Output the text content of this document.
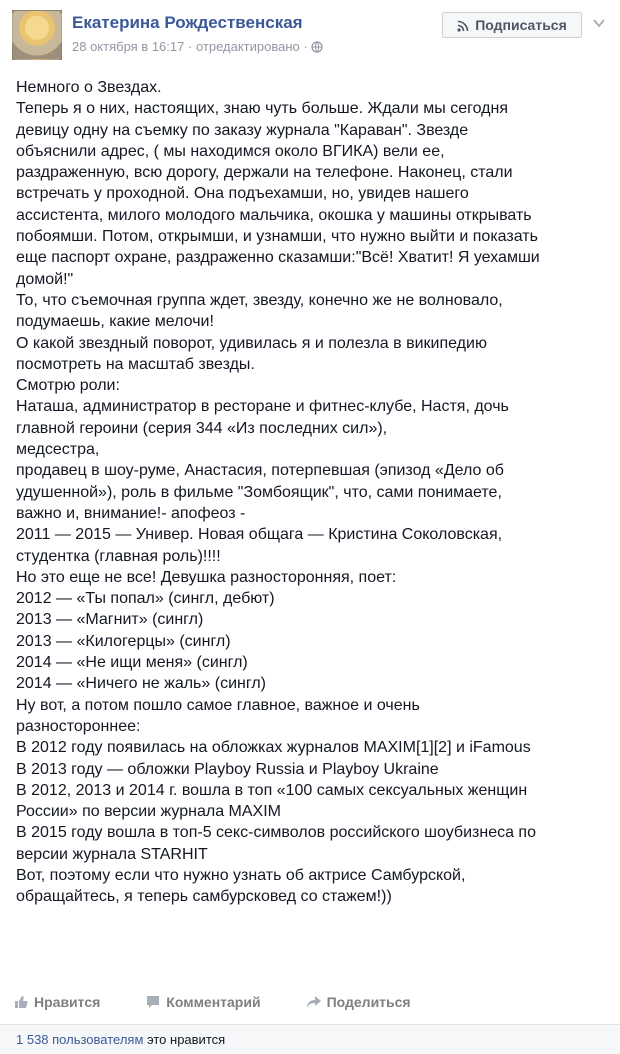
Екатерина Рождественская
28 октября в 16:17 · отредактировано ·
Подписаться
Немного о Звездах.
Теперь я о них, настоящих, знаю чуть больше. Ждали мы сегодня
девицу одну на съемку по заказу журнала "Караван". Звезде
объяснили адрес, ( мы находимся около ВГИКА) вели ее,
раздраженную, всю дорогу, держали на телефоне. Наконец, стали
встречать у проходной. Она подъехамши, но, увидев нашего
ассистента, милого молодого мальчика, окошка у машины открывать
побоямши. Потом, открымши, и узнамши, что нужно выйти и показать
еще паспорт охране, раздраженно сказамши:"Всё! Хватит! Я уехамши
домой!"
То, что съемочная группа ждет, звезду, конечно же не волновало,
подумаешь, какие мелочи!
О какой звездный поворот, удивилась я и полезла в википедию
посмотреть на масштаб звезды.
Смотрю роли:
Наташа, администратор в ресторане и фитнес-клубе, Настя, дочь
главной героини (серия 344 «Из последних сил»),
медсестра,
продавец в шоу-руме, Анастасия, потерпевшая (эпизод «Дело об
удушенной»), роль в фильме "Зомбоящик", что, сами понимаете,
важно и, внимание!- апофеоз -
2011 — 2015 — Универ. Новая общага — Кристина Соколовская,
студентка (главная роль)!!!!
Но это еще не все! Девушка разносторонняя, поет:
2012 — «Ты попал» (сингл, дебют)
2013 — «Магнит» (сингл)
2013 — «Килогерцы» (сингл)
2014 — «Не ищи меня» (сингл)
2014 — «Ничего не жаль» (сингл)
Ну вот, а потом пошло самое главное, важное и очень
разностороннее:
В 2012 году появилась на обложках журналов MAXIM[1][2] и iFamous
В 2013 году — обложки Playboy Russia и Playboy Ukraine
В 2012, 2013 и 2014 г. вошла в топ «100 самых сексуальных женщин
России» по версии журнала MAXIM
В 2015 году вошла в топ-5 секс-символов российского шоубизнеса по
версии журнала STARHIT
Вот, поэтому если что нужно узнать об актрисе Самбурской,
обращайтесь, я теперь самбурсковед со стажем!))
Нравится	Комментарий	Поделиться
1 538 пользователям это нравится
